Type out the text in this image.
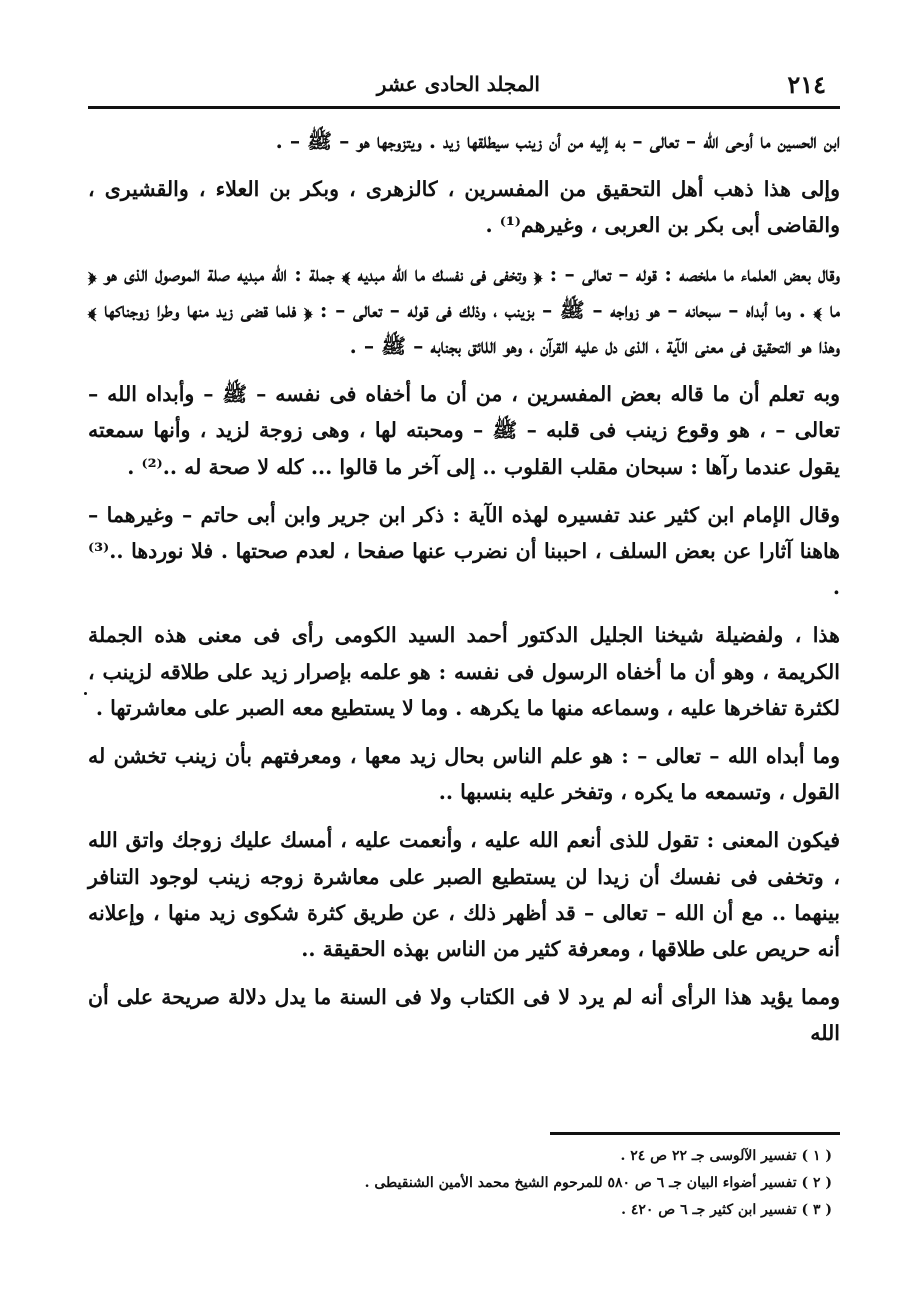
٢١٤
المجلد الحادى عشر

ابن الحسين ما أوحى الله – تعالى – به إليه من أن زينب سيطلقها زيد . ويتزوجها هو – ﷺ – .

وإلى هذا ذهب أهل التحقيق من المفسرين ، كالزهرى ، وبكر بن العلاء ، والقشيرى ، والقاضى أبى بكر بن العربى ، وغيرهم⁽¹⁾ .

وقال بعض العلماء ما ملخصه : قوله – تعالى – : ﴿ وتخفى فى نفسك ما الله مبديه ﴾ جملة : الله مبديه صلة الموصول الذى هو ﴿ ما ﴾ . وما أبداه – سبحانه – هو زواجه – ﷺ – بزينب ، وذلك فى قوله – تعالى – : ﴿ فلما قضى زيد منها وطرا زوجناكها ﴾ وهذا هو التحقيق فى معنى الآية ، الذى دل عليه القرآن ، وهو اللائق بجنابه – ﷺ – .

وبه تعلم أن ما قاله بعض المفسرين ، من أن ما أخفاه فى نفسه – ﷺ – وأبداه الله – تعالى – ، هو وقوع زينب فى قلبه – ﷺ – ومحبته لها ، وهى زوجة لزيد ، وأنها سمعته يقول عندما رآها : سبحان مقلب القلوب .. إلى آخر ما قالوا ... كله لا صحة له ..⁽²⁾ .

وقال الإمام ابن كثير عند تفسيره لهذه الآية : ذكر ابن جرير وابن أبى حاتم – وغيرهما – هاهنا آثارا عن بعض السلف ، احببنا أن نضرب عنها صفحا ، لعدم صحتها . فلا نوردها ..⁽³⁾ .

هذا ، ولفضيلة شيخنا الجليل الدكتور أحمد السيد الكومى رأى فى معنى هذه الجملة الكريمة ، وهو أن ما أخفاه الرسول فى نفسه : هو علمه بإصرار زيد على طلاقه لزينب ، لكثرة تفاخرها عليه ، وسماعه منها ما يكرهه . وما لا يستطيع معه الصبر على معاشرتها .

وما أبداه الله – تعالى – : هو علم الناس بحال زيد معها ، ومعرفتهم بأن زينب تخشن له القول ، وتسمعه ما يكره ، وتفخر عليه بنسبها ..

فيكون المعنى : تقول للذى أنعم الله عليه ، وأنعمت عليه ، أمسك عليك زوجك واتق الله ، وتخفى فى نفسك أن زيدا لن يستطيع الصبر على معاشرة زوجه زينب لوجود التنافر بينهما .. مع أن الله – تعالى – قد أظهر ذلك ، عن طريق كثرة شكوى زيد منها ، وإعلانه أنه حريص على طلاقها ، ومعرفة كثير من الناس بهذه الحقيقة ..

ومما يؤيد هذا الرأى أنه لم يرد لا فى الكتاب ولا فى السنة ما يدل دلالة صريحة على أن الله

( ١ ) تفسير الآلوسى جـ ٢٢ ص ٢٤ .
( ٢ ) تفسير أضواء البيان جـ ٦ ص ٥٨٠ للمرحوم الشيخ محمد الأمين الشنقيطى .
( ٣ ) تفسير ابن كثير جـ ٦ ص ٤٢٠ .
